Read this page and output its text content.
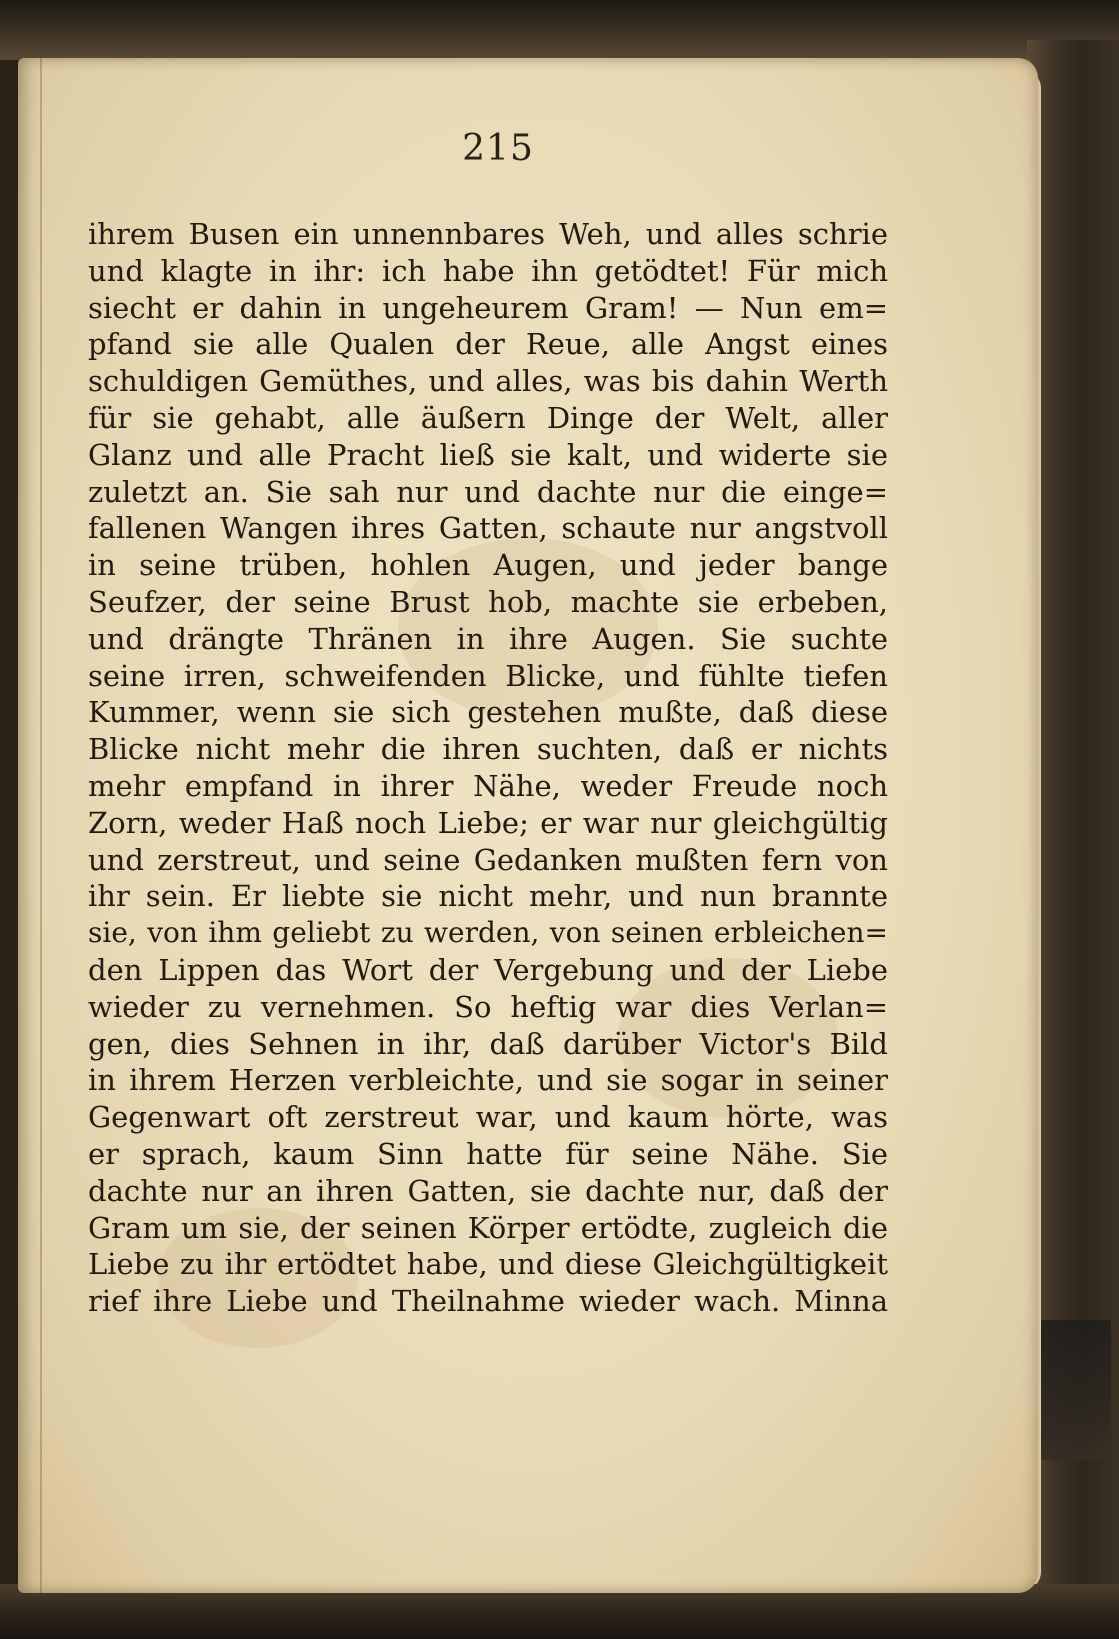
215
ihrem Busen ein unnennbares Weh, und alles schrie
und klagte in ihr: ich habe ihn getödtet! Für mich
siecht er dahin in ungeheurem Gram! — Nun em=
pfand sie alle Qualen der Reue, alle Angst eines
schuldigen Gemüthes, und alles, was bis dahin Werth
für sie gehabt, alle äußern Dinge der Welt, aller
Glanz und alle Pracht ließ sie kalt, und widerte sie
zuletzt an. Sie sah nur und dachte nur die einge=
fallenen Wangen ihres Gatten, schaute nur angstvoll
in seine trüben, hohlen Augen, und jeder bange
Seufzer, der seine Brust hob, machte sie erbeben,
und drängte Thränen in ihre Augen. Sie suchte
seine irren, schweifenden Blicke, und fühlte tiefen
Kummer, wenn sie sich gestehen mußte, daß diese
Blicke nicht mehr die ihren suchten, daß er nichts
mehr empfand in ihrer Nähe, weder Freude noch
Zorn, weder Haß noch Liebe; er war nur gleichgültig
und zerstreut, und seine Gedanken mußten fern von
ihr sein. Er liebte sie nicht mehr, und nun brannte
sie, von ihm geliebt zu werden, von seinen erbleichen=
den Lippen das Wort der Vergebung und der Liebe
wieder zu vernehmen. So heftig war dies Verlan=
gen, dies Sehnen in ihr, daß darüber Victor's Bild
in ihrem Herzen verbleichte, und sie sogar in seiner
Gegenwart oft zerstreut war, und kaum hörte, was
er sprach, kaum Sinn hatte für seine Nähe. Sie
dachte nur an ihren Gatten, sie dachte nur, daß der
Gram um sie, der seinen Körper ertödte, zugleich die
Liebe zu ihr ertödtet habe, und diese Gleichgültigkeit
rief ihre Liebe und Theilnahme wieder wach. Minna
